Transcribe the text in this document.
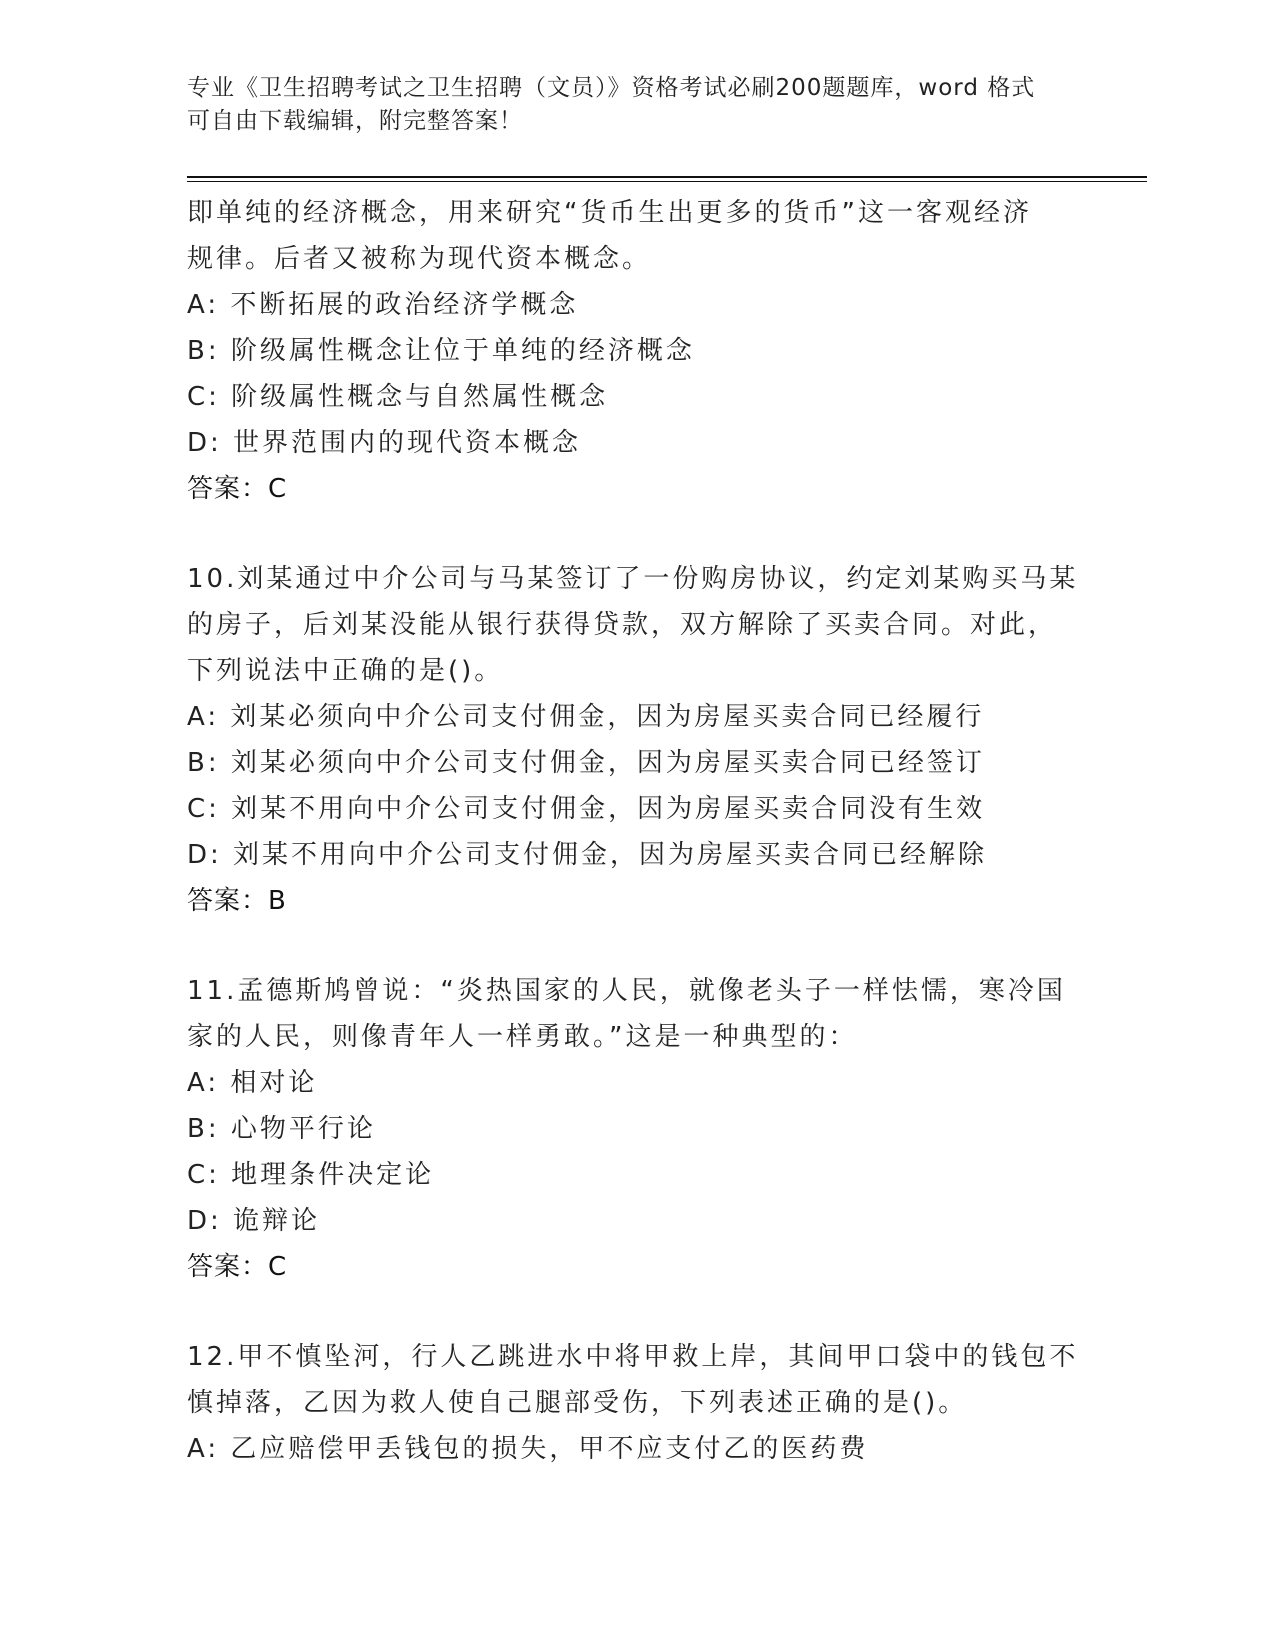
专业《卫生招聘考试之卫生招聘（文员）》资格考试必刷200题题库，word 格式
可自由下载编辑，附完整答案！
即单纯的经济概念，用来研究“货币生出更多的货币”这一客观经济
规律。后者又被称为现代资本概念。
A: 不断拓展的政治经济学概念
B: 阶级属性概念让位于单纯的经济概念
C: 阶级属性概念与自然属性概念
D: 世界范围内的现代资本概念
答案：C
10.刘某通过中介公司与马某签订了一份购房协议，约定刘某购买马某
的房子，后刘某没能从银行获得贷款，双方解除了买卖合同。对此，
下列说法中正确的是()。
A: 刘某必须向中介公司支付佣金，因为房屋买卖合同已经履行
B: 刘某必须向中介公司支付佣金，因为房屋买卖合同已经签订
C: 刘某不用向中介公司支付佣金，因为房屋买卖合同没有生效
D: 刘某不用向中介公司支付佣金，因为房屋买卖合同已经解除
答案：B
11.孟德斯鸠曾说：“炎热国家的人民，就像老头子一样怯懦，寒冷国
家的人民，则像青年人一样勇敢。”这是一种典型的：
A: 相对论
B: 心物平行论
C: 地理条件决定论
D: 诡辩论
答案：C
12.甲不慎坠河，行人乙跳进水中将甲救上岸，其间甲口袋中的钱包不
慎掉落，乙因为救人使自己腿部受伤，下列表述正确的是()。
A: 乙应赔偿甲丢钱包的损失，甲不应支付乙的医药费
